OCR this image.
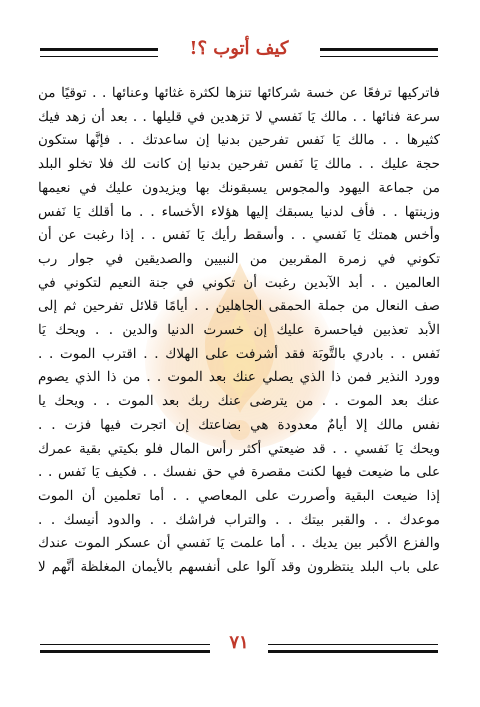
كيف أتوب ؟!
فاتركيها ترفعًا عن خسة شركائها تنزها لكثرة غثائها وعنائها . . توقيًا من
سرعة فنائها . . مالك يَا نَفسي لا تزهدين في قليلها . . بعد أن زهد فيك
كثيرها . . مالك يَا نَفس تفرحين بدنيا إن ساعدتك . . فإنَّها ستكون
حجة عليك . . مالك يَا نَفس تفرحين بدنيا إن كانت لك فلا تخلو البلد
من جماعة اليهود والمجوس يسبقونك بها ويزيدون عليك في نعيمها
وزينتها . . فأف لدنيا يسبقك إليها هؤلاء الأخساء . . ما أقلك يَا نَفس
وأخس همتك يَا نَفسي . . وأسقط رأيك يَا نَفس . . إذا رغبت عن أن
تكوني في زمرة المقربين من النبيين والصديقين في جوار رب
العالمين . . أبد الآبدين رغبت أن تكوني في جنة النعيم لتكوني في
صف النعال من جملة الحمقى الجاهلين . . أيامًا قلائل تفرحين ثم إلى
الأبد تعذبين فياحسرة عليك إن خسرت الدنيا والدين . . ويحك يَا
نَفس . . بادري بالتَّوبَة فقد أشرفت على الهلاك . . اقترب الموت . .
وورد النذير فمن ذا الذي يصلي عنك بعد الموت . . من ذا الذي يصوم
عنك بعد الموت . . من يترضى عنك ربك بعد الموت . . ويحك يا
نفس مالك إلا أيامٌ معدودة هي بضاعتك إن اتجرت فيها فزت . .
ويحك يَا نَفسي . . قد ضيعتي أكثر رأس المال فلو بكيتي بقية عمرك
على ما ضيعت فيها لكنت مقصرة في حق نفسك . . فكيف يَا نَفس . .
إذا ضيعت البقية وأصررت على المعاصي . . أما تعلمين أن الموت
موعدك . . والقبر بيتك . . والتراب فراشك . . والدود أنيسك . .
والفزع الأكبر بين يديك . . أما علمت يَا نَفسي أن عسكر الموت عندك
على باب البلد ينتظرون وقد آلوا على أنفسهم بالأيمان المغلظة أنَّهم لا
٧١
